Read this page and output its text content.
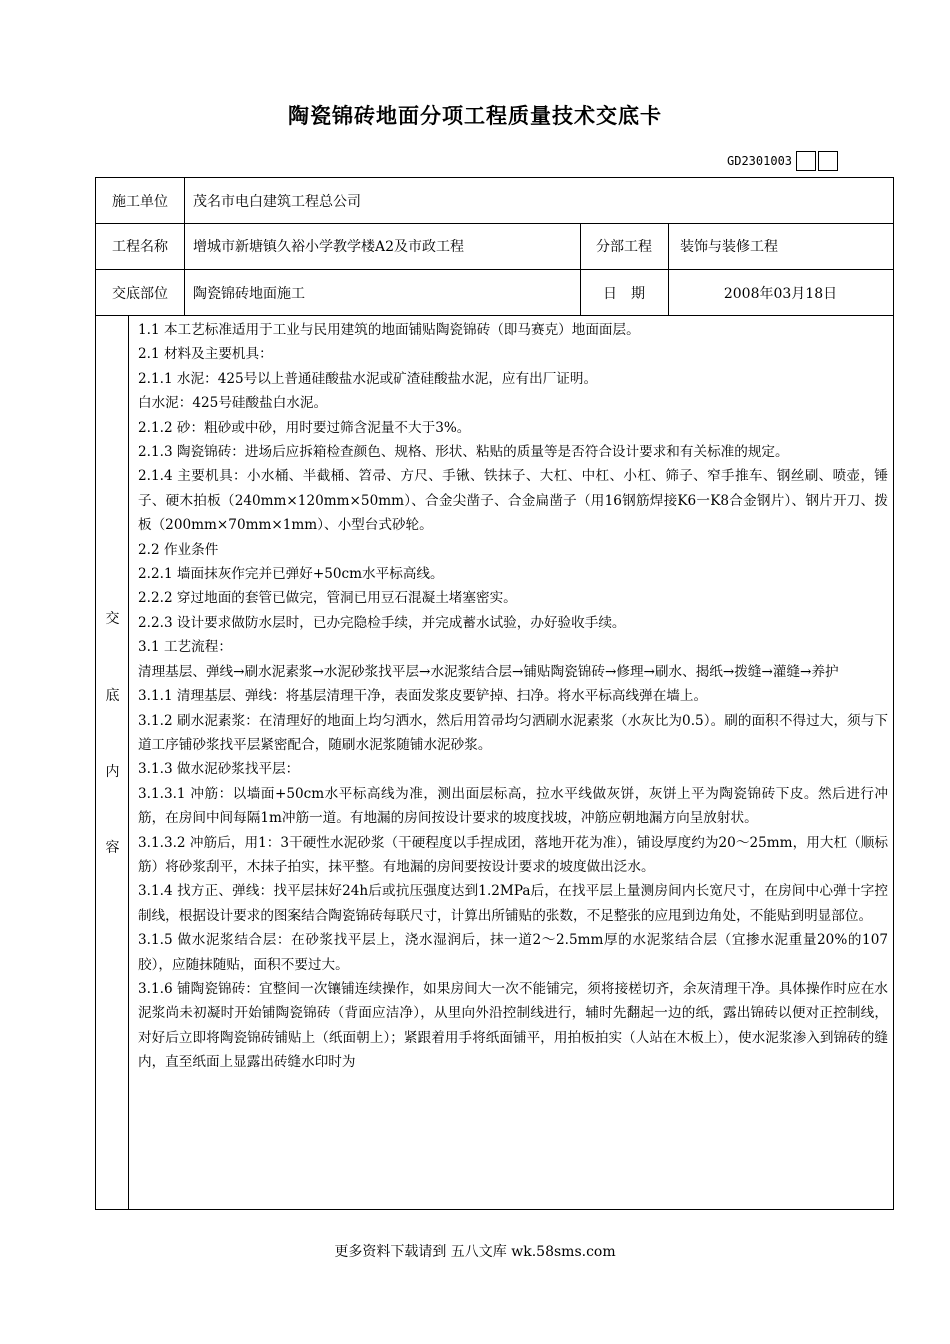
陶瓷锦砖地面分项工程质量技术交底卡
GD2301003
施工单位	茂名市电白建筑工程总公司
工程名称	增城市新塘镇久裕小学教学楼A2及市政工程	分部工程	装饰与装修工程
交底部位	陶瓷锦砖地面施工	日　期	2008年03月18日
交
底
内
容

1.1 本工艺标准适用于工业与民用建筑的地面铺贴陶瓷锦砖（即马赛克）地面面层。

2.1 材料及主要机具：

2.1.1 水泥：425号以上普通硅酸盐水泥或矿渣硅酸盐水泥，应有出厂证明。

白水泥：425号硅酸盐白水泥。

2.1.2 砂：粗砂或中砂，用时要过筛含泥量不大于3%。

2.1.3 陶瓷锦砖：进场后应拆箱检查颜色、规格、形状、粘贴的质量等是否符合设计要求和有关标准的规定。

2.1.4 主要机具：小水桶、半截桶、笤帚、方尺、手锹、铁抹子、大杠、中杠、小杠、筛子、窄手推车、钢丝刷、喷壶，锤子、硬木拍板（240mm×120mm×50mm）、合金尖凿子、合金扁凿子（用16钢筋焊接K6一K8合金钢片）、钢片开刀、拨板（200mm×70mm×1mm）、小型台式砂轮。

2.2 作业条件

2.2.1 墙面抹灰作完并已弹好+50cm水平标高线。

2.2.2 穿过地面的套管已做完，管洞已用豆石混凝土堵塞密实。

2.2.3 设计要求做防水层时，已办完隐检手续，并完成蓄水试验，办好验收手续。

3.1 工艺流程：

清理基层、弹线→刷水泥素浆→水泥砂浆找平层→水泥浆结合层→铺贴陶瓷锦砖→修理→刷水、揭纸→拨缝→灌缝→养护

3.1.1 清理基层、弹线：将基层清理干净，表面发浆皮要铲掉、扫净。将水平标高线弹在墙上。

3.1.2 刷水泥素浆：在清理好的地面上均匀洒水，然后用笤帚均匀洒刷水泥素浆（水灰比为0.5）。刷的面积不得过大，须与下道工序铺砂浆找平层紧密配合，随刷水泥浆随铺水泥砂浆。

3.1.3 做水泥砂浆找平层：

3.1.3.1 冲筋：以墙面+50cm水平标高线为准，测出面层标高，拉水平线做灰饼，灰饼上平为陶瓷锦砖下皮。然后进行冲筋，在房间中间每隔1m冲筋一道。有地漏的房间按设计要求的坡度找坡，冲筋应朝地漏方向呈放射状。

3.1.3.2 冲筋后，用1：3干硬性水泥砂浆（干硬程度以手捏成团，落地开花为准），铺设厚度约为20～25mm，用大杠（顺标筋）将砂浆刮平，木抹子拍实，抹平整。有地漏的房间要按设计要求的坡度做出泛水。

3.1.4 找方正、弹线：找平层抹好24h后或抗压强度达到1.2MPa后，在找平层上量测房间内长宽尺寸，在房间中心弹十字控制线，根据设计要求的图案结合陶瓷锦砖每联尺寸，计算出所铺贴的张数，不足整张的应甩到边角处，不能贴到明显部位。

3.1.5 做水泥浆结合层：在砂浆找平层上，浇水湿润后，抹一道2～2.5mm厚的水泥浆结合层（宜掺水泥重量20%的107胶），应随抹随贴，面积不要过大。

3.1.6 铺陶瓷锦砖：宜整间一次镶铺连续操作，如果房间大一次不能铺完，须将接槎切齐，余灰清理干净。具体操作时应在水泥浆尚未初凝时开始铺陶瓷锦砖（背面应洁净），从里向外沿控制线进行，辅时先翻起一边的纸，露出锦砖以便对正控制线，对好后立即将陶瓷锦砖铺贴上（纸面朝上）；紧跟着用手将纸面铺平，用拍板拍实（人站在木板上），使水泥浆渗入到锦砖的缝内，直至纸面上显露出砖缝水印时为

更多资料下载请到 五八文库 wk.58sms.com
